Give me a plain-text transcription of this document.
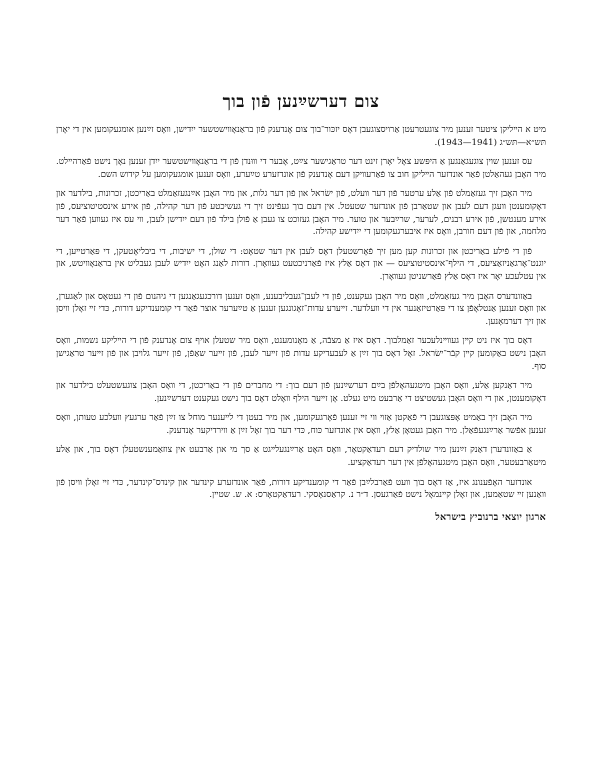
צום דערשײַנען פֿון בוך

מיט א הײליקן ציטער זענען מיר צוגעטרעטן אַרויסצוגעבן דאָס יזכּור־בוך צום אָנדענק פֿון בראַנאָװישטשער ייִדישן, װאָס זײַנען אומגעקומען אין די יאָרן תּש״א—תּש״ג (1941—1943).

עס זענען שוין צוגעגאַנגען אַ היפּשע צאָל יאָרן זינט דער טראַגישער צײַט, אָבער די װוּנדן פֿון די בראַנאָװישטשער ייִדן זענען נאָך נישט פֿאַרהײלט. מיר האָבן געהאַלטן פֿאַר אונדזער הײליקן חוב צו פֿאַרעװיקן דעם אָנדענק פֿון אונדזערע טײַערע, װאָס זענען אומגעקומען על קידוש השם.

מיר האָבן זיך געזאַמלט פֿון אַלע ערטער פֿון דער װעלט, פֿון ישׂראל און פֿון דער גלות, און מיר האָבן אײַנגעזאַמלט באַריכטן, זכרונות, בילדער און דאָקומענטן װעגן דעם לעבן און שטאַרבן פֿון אונדזער שטעטל. אין דעם בוך געפֿינט זיך די געשיכטע פֿון דער קהילה, פֿון אירע אינסטיטוציעס, פֿון אירע מענטשן, פֿון אירע רבנים, לערער, שרײַבער און טוער. מיר האָבן געזוכט צו געבן אַ פֿולן בילד פֿון דעם ייִדישן לעבן, װי עס איז געװען פֿאַר דער מלחמה, און פֿון דעם חורבן, װאָס איז איבערגעקומען די ייִדישע קהילה.

פֿון די פֿילע באַריכטן און זכרונות קען מען זיך פֿאָרשטעלן דאָס לעבן אין דער שטאָט: די שולן, די ישיבות, די ביבליאָטעקן, די פּאַרטײען, די יוגנט־אָרגאַניזאַציעס, די הילף־אינסטיטוציעס — און דאָס אַלץ איז פֿאַרניכטעט געװאָרן. דורות לאַנג האָט ייִדיש לעבן געבליט אין בראַנאָװיטש, און אין עטלעכע יאָר איז דאָס אַלץ פֿאַרשניטן געװאָרן.

באַזונדערס האָבן מיר געזאַמלט, װאָס מיר האָבן געקענט, פֿון די לעבן־געבליבענע, װאָס זענען דורכגעגאַנגען די גיהנום פֿון די געטאָס און לאַגערן, און װאָס זענען אַנטלאָפֿן צו די פּאַרטיזאַנער אין די װעלדער. זײערע עדות־זאָגונגען זענען אַ טײַערער אוצר פֿאַר די קומענדיקע דורות, כּדי זײ זאָלן װיסן און זיך דערמאָנען.

דאָס בוך איז ניט קײן געװײנלעכער זאַמלבוך. דאָס איז אַ מצבֿה, אַ מאָנומענט, װאָס מיר שטעלן אױף צום אָנדענק פֿון די הײליקע נשמות, װאָס האָבן נישט באַקומען קײן קבֿר־ישׂראל. זאָל דאָס בוך זײַן אַ לעבעדיקע עדות פֿון זײער לעבן, פֿון זײער שאַפֿן, פֿון זײער גלױבן און פֿון זײער טראַגישן סוף.

מיר דאַנקען אַלע, װאָס האָבן מיטגעהאָלפֿן בײַם דערשײַנען פֿון דעם בוך: די מחברים פֿון די באַריכטן, די װאָס האָבן צוגעשטעלט בילדער און דאָקומענטן, און די װאָס האָבן געשטיצט די אַרבעט מיט געלט. אָן זײער הילף װאָלט דאָס בוך נישט געקענט דערשײַנען.

מיר האָבן זיך באַמיט אָפּצוגעבן די פֿאַקטן אַזױ װי זײ זענען פֿאָרגעקומען, און מיר בעטן די לײענער מוחל צו זײַן פֿאַר ערגעץ װעלכע טעותן, װאָס זענען אפֿשר אַרײַנגעפֿאַלן. מיר האָבן געטאָן אַלץ, װאָס אין אונדזער כּוח, כּדי דער בוך זאָל זײַן אַ װירדיקער אָנדענק.

אַ באַזונדערן דאַנק זײַנען מיר שולדיק דעם רעדאַקטאָר, װאָס האָט אַרײַנגעלײגט אַ סך מי און אַרבעט אין צוזאַמענשטעלן דאָס בוך, און אַלע מיטאַרבעטער, װאָס האָבן מיטגעהאָלפֿן אין דער רעדאַקציע.

אונדזער האָפֿענונג איז, אַז דאָס בוך װעט פֿאַרבלײַבן פֿאַר די קומענדיקע דורות, פֿאַר אונדזערע קינדער און קינדס־קינדער, כּדי זײ זאָלן װיסן פֿון װאַנען זײ שטאַמען, און זאָלן קײנמאָל נישט פֿאַרגעסן. ד״ר נ. קראַסנאָסקי. רעדאַקטאָרס: א. ש. שטײן.

ארגון יוצאי ברנוביץ בישראל
